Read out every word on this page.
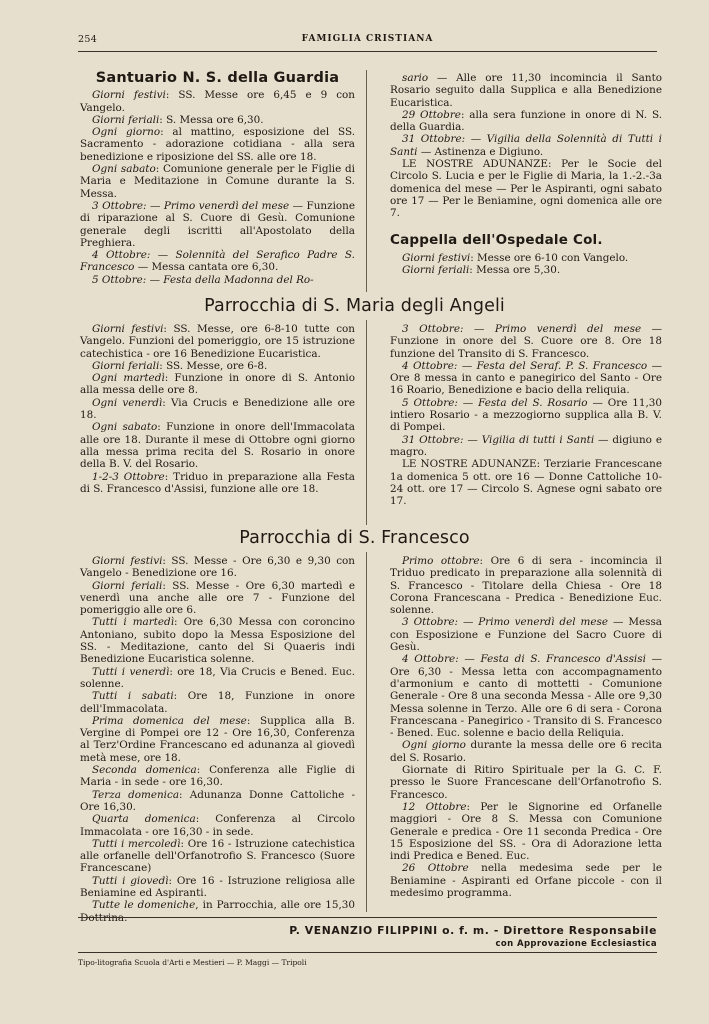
254	FAMIGLIA CRISTIANA
Santuario N. S. della Guardia

Giorni festivi: SS. Messe ore 6,45 e 9 con Vangelo.

Giorni feriali: S. Messa ore 6,30.

Ogni giorno: al mattino, esposizione del SS. Sacramento - adorazione cotidiana - alla sera benedizione e riposizione del SS. alle ore 18.

Ogni sabato: Comunione generale per le Figlie di Maria e Meditazione in Comune durante la S. Messa.

3 Ottobre: — Primo venerdì del mese — Funzione di riparazione al S. Cuore di Gesù. Comunione generale degli iscritti all'Apostolato della Preghiera.

4 Ottobre: — Solennità del Serafico Padre S. Francesco — Messa cantata ore 6,30.

5 Ottobre: — Festa della Madonna del Ro-

sario — Alle ore 11,30 incomincia il Santo Rosario seguito dalla Supplica e alla Benedizione Eucaristica.

29 Ottobre: alla sera funzione in onore di N. S. della Guardia.

31 Ottobre: — Vigilia della Solennità di Tutti i Santi — Astinenza e Digiuno.

LE NOSTRE ADUNANZE: Per le Socie del Circolo S. Lucia e per le Figlie di Maria, la 1.-2.-3a domenica del mese — Per le Aspiranti, ogni sabato ore 17 — Per le Beniamine, ogni domenica alle ore 7.

Cappella dell'Ospedale Col.

Giorni festivi: Messe ore 6-10 con Vangelo.

Giorni feriali: Messa ore 5,30.

Parrocchia di S. Maria degli Angeli

Giorni festivi: SS. Messe, ore 6-8-10 tutte con Vangelo. Funzioni del pomeriggio, ore 15 istruzione catechistica - ore 16 Benedizione Eucaristica.

Giorni feriali: SS. Messe, ore 6-8.

Ogni martedì: Funzione in onore di S. Antonio alla messa delle ore 8.

Ogni venerdì: Via Crucis e Benedizione alle ore 18.

Ogni sabato: Funzione in onore dell'Immacolata alle ore 18. Durante il mese di Ottobre ogni giorno alla messa prima recita del S. Rosario in onore della B. V. del Rosario.

1-2-3 Ottobre: Triduo in preparazione alla Festa di S. Francesco d'Assisi, funzione alle ore 18.

3 Ottobre: — Primo venerdì del mese — Funzione in onore del S. Cuore ore 8. Ore 18 funzione del Transito di S. Francesco.

4 Ottobre: — Festa del Seraf. P. S. Francesco — Ore 8 messa in canto e panegirico del Santo - Ore 16 Roario, Benedizione e bacio della reliquia.

5 Ottobre: — Festa del S. Rosario — Ore 11,30 intiero Rosario - a mezzogiorno supplica alla B. V. di Pompei.

31 Ottobre: — Vigilia di tutti i Santi — digiuno e magro.

LE NOSTRE ADUNANZE: Terziarie Francescane 1a domenica 5 ott. ore 16 — Donne Cattoliche 10-24 ott. ore 17 — Circolo S. Agnese ogni sabato ore 17.

Parrocchia di S. Francesco

Giorni festivi: SS. Messe - Ore 6,30 e 9,30 con Vangelo - Benedizione ore 16.

Giorni feriali: SS. Messe - Ore 6,30 martedì e venerdì una anche alle ore 7 - Funzione del pomeriggio alle ore 6.

Tutti i martedì: Ore 6,30 Messa con coroncino Antoniano, subito dopo la Messa Esposizione del SS. - Meditazione, canto del Si Quaeris indi Benedizione Eucaristica solenne.

Tutti i venerdì: ore 18, Via Crucis e Bened. Euc. solenne.

Tutti i sabati: Ore 18, Funzione in onore dell'Immacolata.

Prima domenica del mese: Supplica alla B. Vergine di Pompei ore 12 - Ore 16,30, Conferenza al Terz'Ordine Francescano ed adunanza al giovedì metà mese, ore 18.

Seconda domenica: Conferenza alle Figlie di Maria - in sede - ore 16,30.

Terza domenica: Adunanza Donne Cattoliche - Ore 16,30.

Quarta domenica: Conferenza al Circolo Immacolata - ore 16,30 - in sede.

Tutti i mercoledì: Ore 16 - Istruzione catechistica alle orfanelle dell'Orfanotrofio S. Francesco (Suore Francescane)

Tutti i giovedì: Ore 16 - Istruzione religiosa alle Beniamine ed Aspiranti.

Tutte le domeniche, in Parrocchia, alle ore 15,30

Primo ottobre: Ore 6 di sera - incomincia il Triduo predicato in preparazione alla solennità di S. Francesco - Titolare della Chiesa - Ore 18 Corona Francescana - Predica - Benedizione Euc. solenne.

3 Ottobre: — Primo venerdì del mese — Messa con Esposizione e Funzione del Sacro Cuore di Gesù.

4 Ottobre: — Festa di S. Francesco d'Assisi — Ore 6,30 - Messa letta con accompagnamento d'armonium e canto di mottetti - Comunione Generale - Ore 8 una seconda Messa - Alle ore 9,30 Messa solenne in Terzo. Alle ore 6 di sera - Corona Francescana - Panegirico - Transito di S. Francesco - Bened. Euc. solenne e bacio della Reliquia.

Ogni giorno durante la messa delle ore 6 recita del S. Rosario.

Giornate di Ritiro Spirituale per la G. C. F. presso le Suore Francescane dell'Orfanotrofio S. Francesco.

12 Ottobre: Per le Signorine ed Orfanelle maggiori - Ore 8 S. Messa con Comunione Generale e predica - Ore 11 seconda Predica - Ore 15 Esposizione del SS. - Ora di Adorazione letta indi Predica e Bened. Euc.

26 Ottobre nella medesima sede per le Beniamine - Aspiranti ed Orfane piccole - con il medesimo programma.

P. VENANZIO FILIPPINI o. f. m. - Direttore Responsabile
con Approvazione Ecclesiastica
Tipo-litografia Scuola d'Arti e Mestieri — P. Maggi — Tripoli
